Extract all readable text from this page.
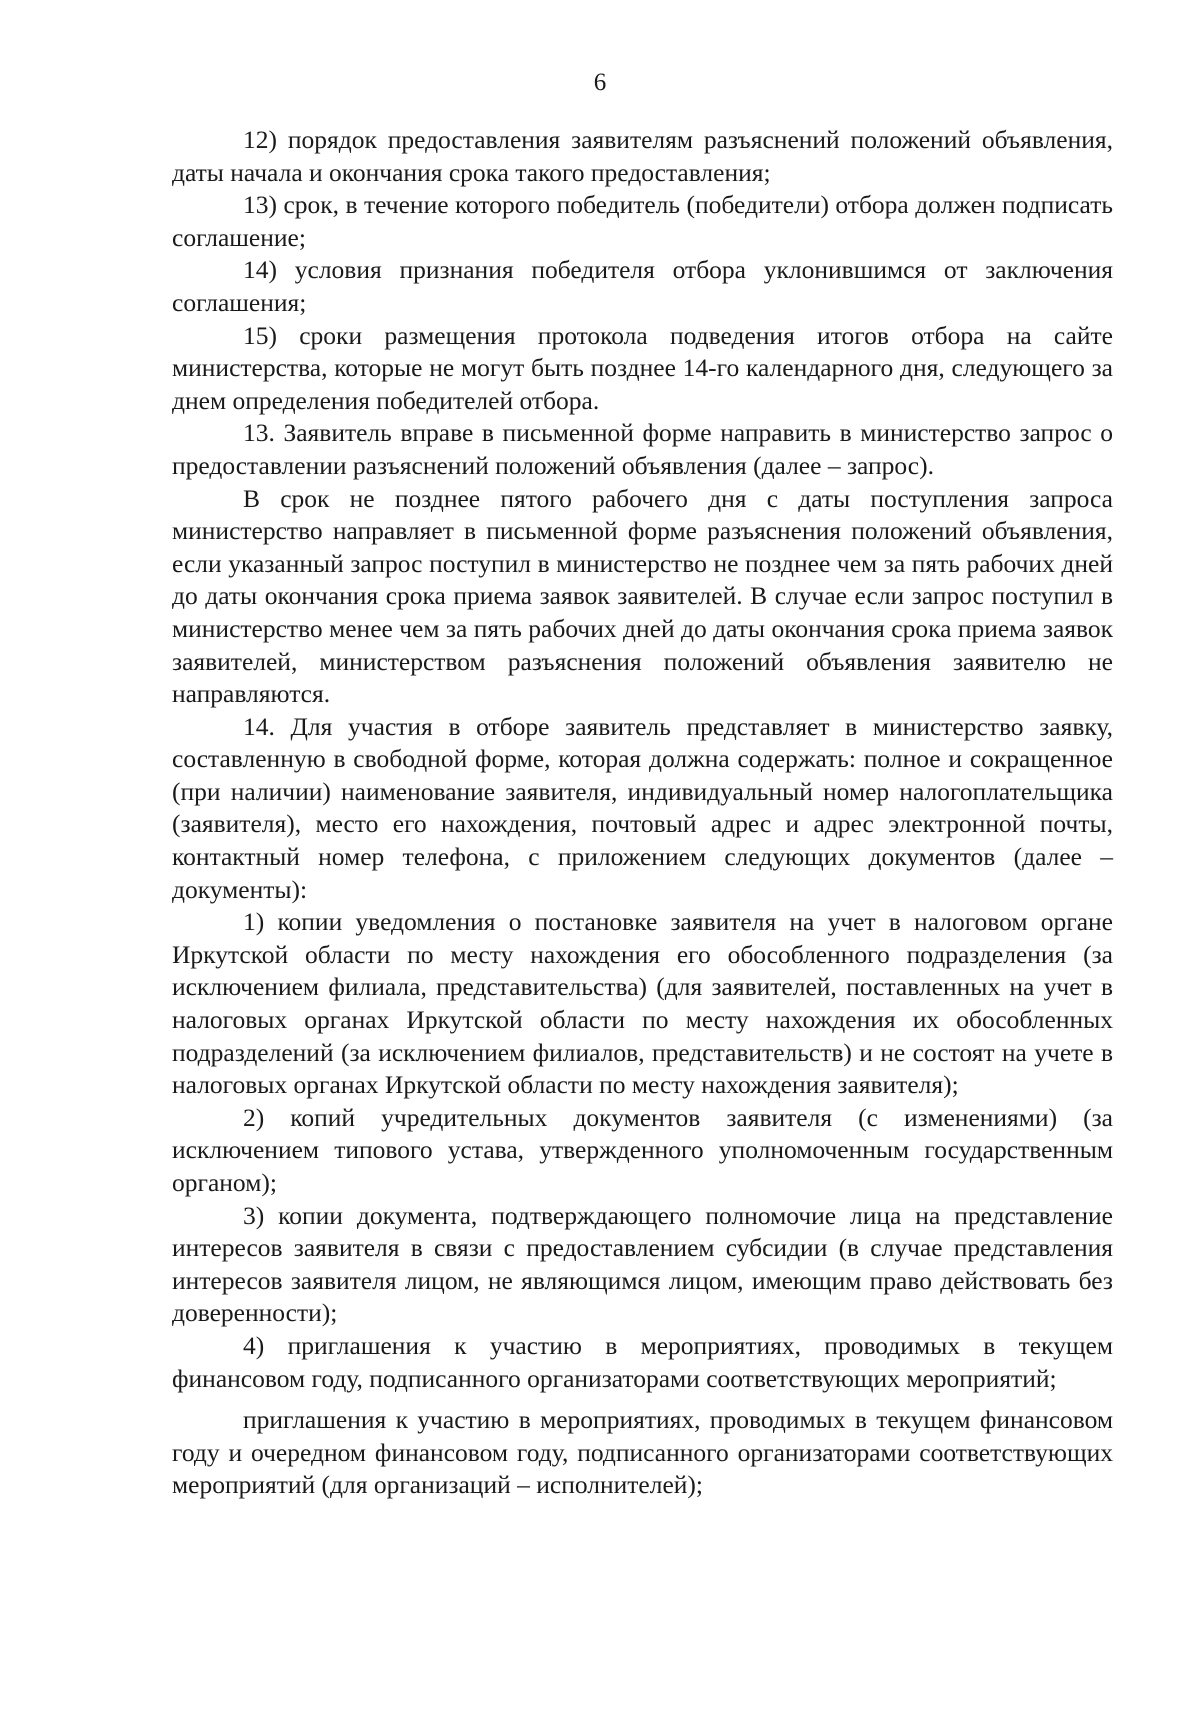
6

12) порядок предоставления заявителям разъяснений положений объявления, даты начала и окончания срока такого предоставления;

13) срок, в течение которого победитель (победители) отбора должен подписать соглашение;

14) условия признания победителя отбора уклонившимся от заключения соглашения;

15) сроки размещения протокола подведения итогов отбора на сайте министерства, которые не могут быть позднее 14-го календарного дня, следующего за днем определения победителей отбора.

13. Заявитель вправе в письменной форме направить в министерство запрос о предоставлении разъяснений положений объявления (далее – запрос).

В срок не позднее пятого рабочего дня с даты поступления запроса министерство направляет в письменной форме разъяснения положений объявления, если указанный запрос поступил в министерство не позднее чем за пять рабочих дней до даты окончания срока приема заявок заявителей. В случае если запрос поступил в министерство менее чем за пять рабочих дней до даты окончания срока приема заявок заявителей, министерством разъяснения положений объявления заявителю не направляются.

14. Для участия в отборе заявитель представляет в министерство заявку, составленную в свободной форме, которая должна содержать: полное и сокращенное (при наличии) наименование заявителя, индивидуальный номер налогоплательщика (заявителя), место его нахождения, почтовый адрес и адрес электронной почты, контактный номер телефона, с приложением следующих документов (далее – документы):

1) копии уведомления о постановке заявителя на учет в налоговом органе Иркутской области по месту нахождения его обособленного подразделения (за исключением филиала, представительства) (для заявителей, поставленных на учет в налоговых органах Иркутской области по месту нахождения их обособленных подразделений (за исключением филиалов, представительств) и не состоят на учете в налоговых органах Иркутской области по месту нахождения заявителя);

2) копий учредительных документов заявителя (с изменениями) (за исключением типового устава, утвержденного уполномоченным государственным органом);

3) копии документа, подтверждающего полномочие лица на представление интересов заявителя в связи с предоставлением субсидии (в случае представления интересов заявителя лицом, не являющимся лицом, имеющим право действовать без доверенности);

4) приглашения к участию в мероприятиях, проводимых в текущем финансовом году, подписанного организаторами соответствующих мероприятий;

приглашения к участию в мероприятиях, проводимых в текущем финансовом году и очередном финансовом году, подписанного организаторами соответствующих мероприятий (для организаций – исполнителей);
